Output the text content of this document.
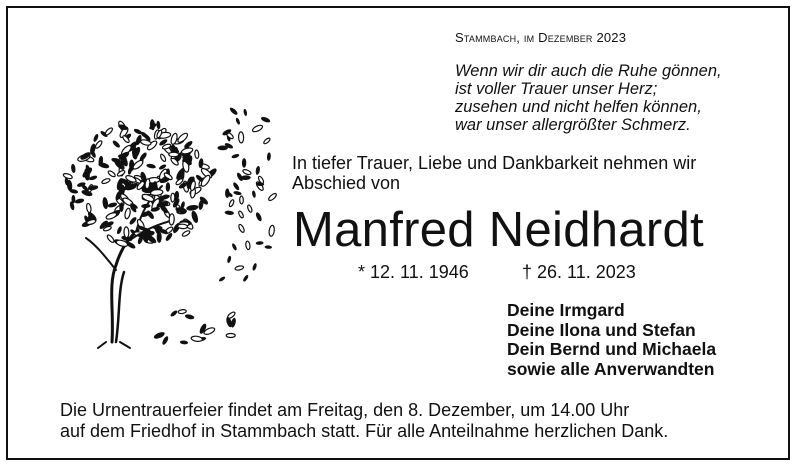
Stammbach, im Dezember 2023
Wenn wir dir auch die Ruhe gönnen,
ist voller Trauer unser Herz;
zusehen und nicht helfen können,
war unser allergrößter Schmerz.
In tiefer Trauer, Liebe und Dankbarkeit nehmen wir
Abschied von
Manfred Neidhardt
* 12. 11. 1946	† 26. 11. 2023
Deine Irmgard
Deine Ilona und Stefan
Dein Bernd und Michaela
sowie alle Anverwandten
Die Urnentrauerfeier findet am Freitag, den 8. Dezember, um 14.00 Uhr
auf dem Friedhof in Stammbach statt. Für alle Anteilnahme herzlichen Dank.
